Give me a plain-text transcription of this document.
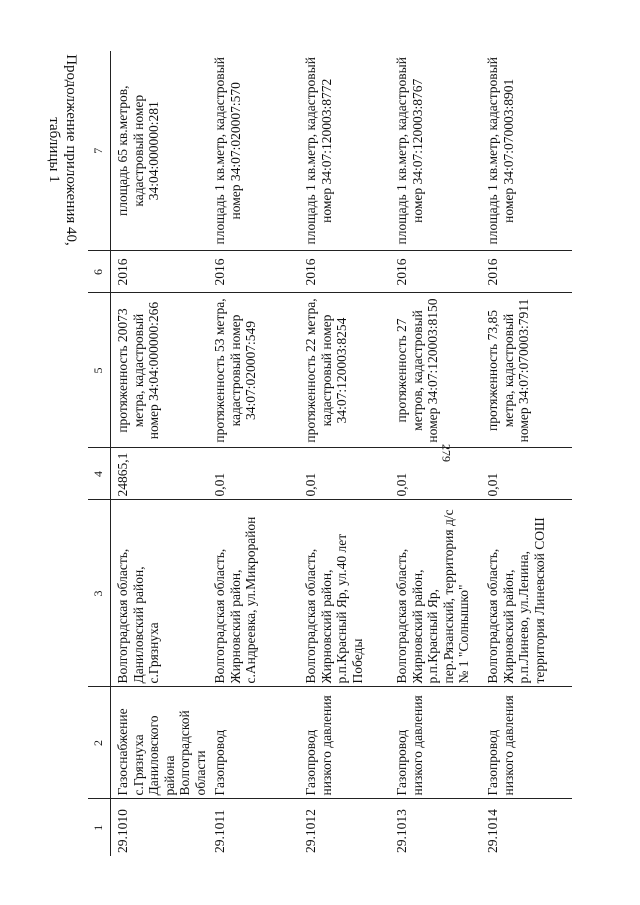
279
Продолжение приложения 40,
таблицы 1
1	2	3	4	5	6	7
29.1010	Газоснабжение с.Грязнуха Даниловского района Волгоградской области	Волгоградская область, Даниловский район, с.Грязнуха	24865,1	протяженность 20073 метра, кадастровый номер 34:04:000000:266	2016	площадь 65 кв.метров, кадастровый номер 34:04:000000:281
29.1011	Газопровод	Волгоградская область, Жирновский район, с.Андреевка, ул.Микрорайон	0,01	протяженность 53 метра, кадастровый номер 34:07:020007:549	2016	площадь 1 кв.метр, кадастровый номер 34:07:020007:570
29.1012	Газопровод низкого давления	Волгоградская область, Жирновский район, р.п.Красный Яр, ул.40 лет Победы	0,01	протяженность 22 метра, кадастровый номер 34:07:120003:8254	2016	площадь 1 кв.метр, кадастровый номер 34:07:120003:8772
29.1013	Газопровод низкого давления	Волгоградская область, Жирновский район, р.п.Красный Яр, пер.Рязанский, территория д/с № 1 "Солнышко"	0,01	протяженность 27 метров, кадастровый номер 34:07:120003:8150	2016	площадь 1 кв.метр, кадастровый номер 34:07:120003:8767
29.1014	Газопровод низкого давления	Волгоградская область, Жирновский район, р.п.Линево, ул.Ленина, территория Линевской СОШ	0,01	протяженность 73,85 метра, кадастровый номер 34:07:070003:7911	2016	площадь 1 кв.метр, кадастровый номер 34:07:070003:8901
